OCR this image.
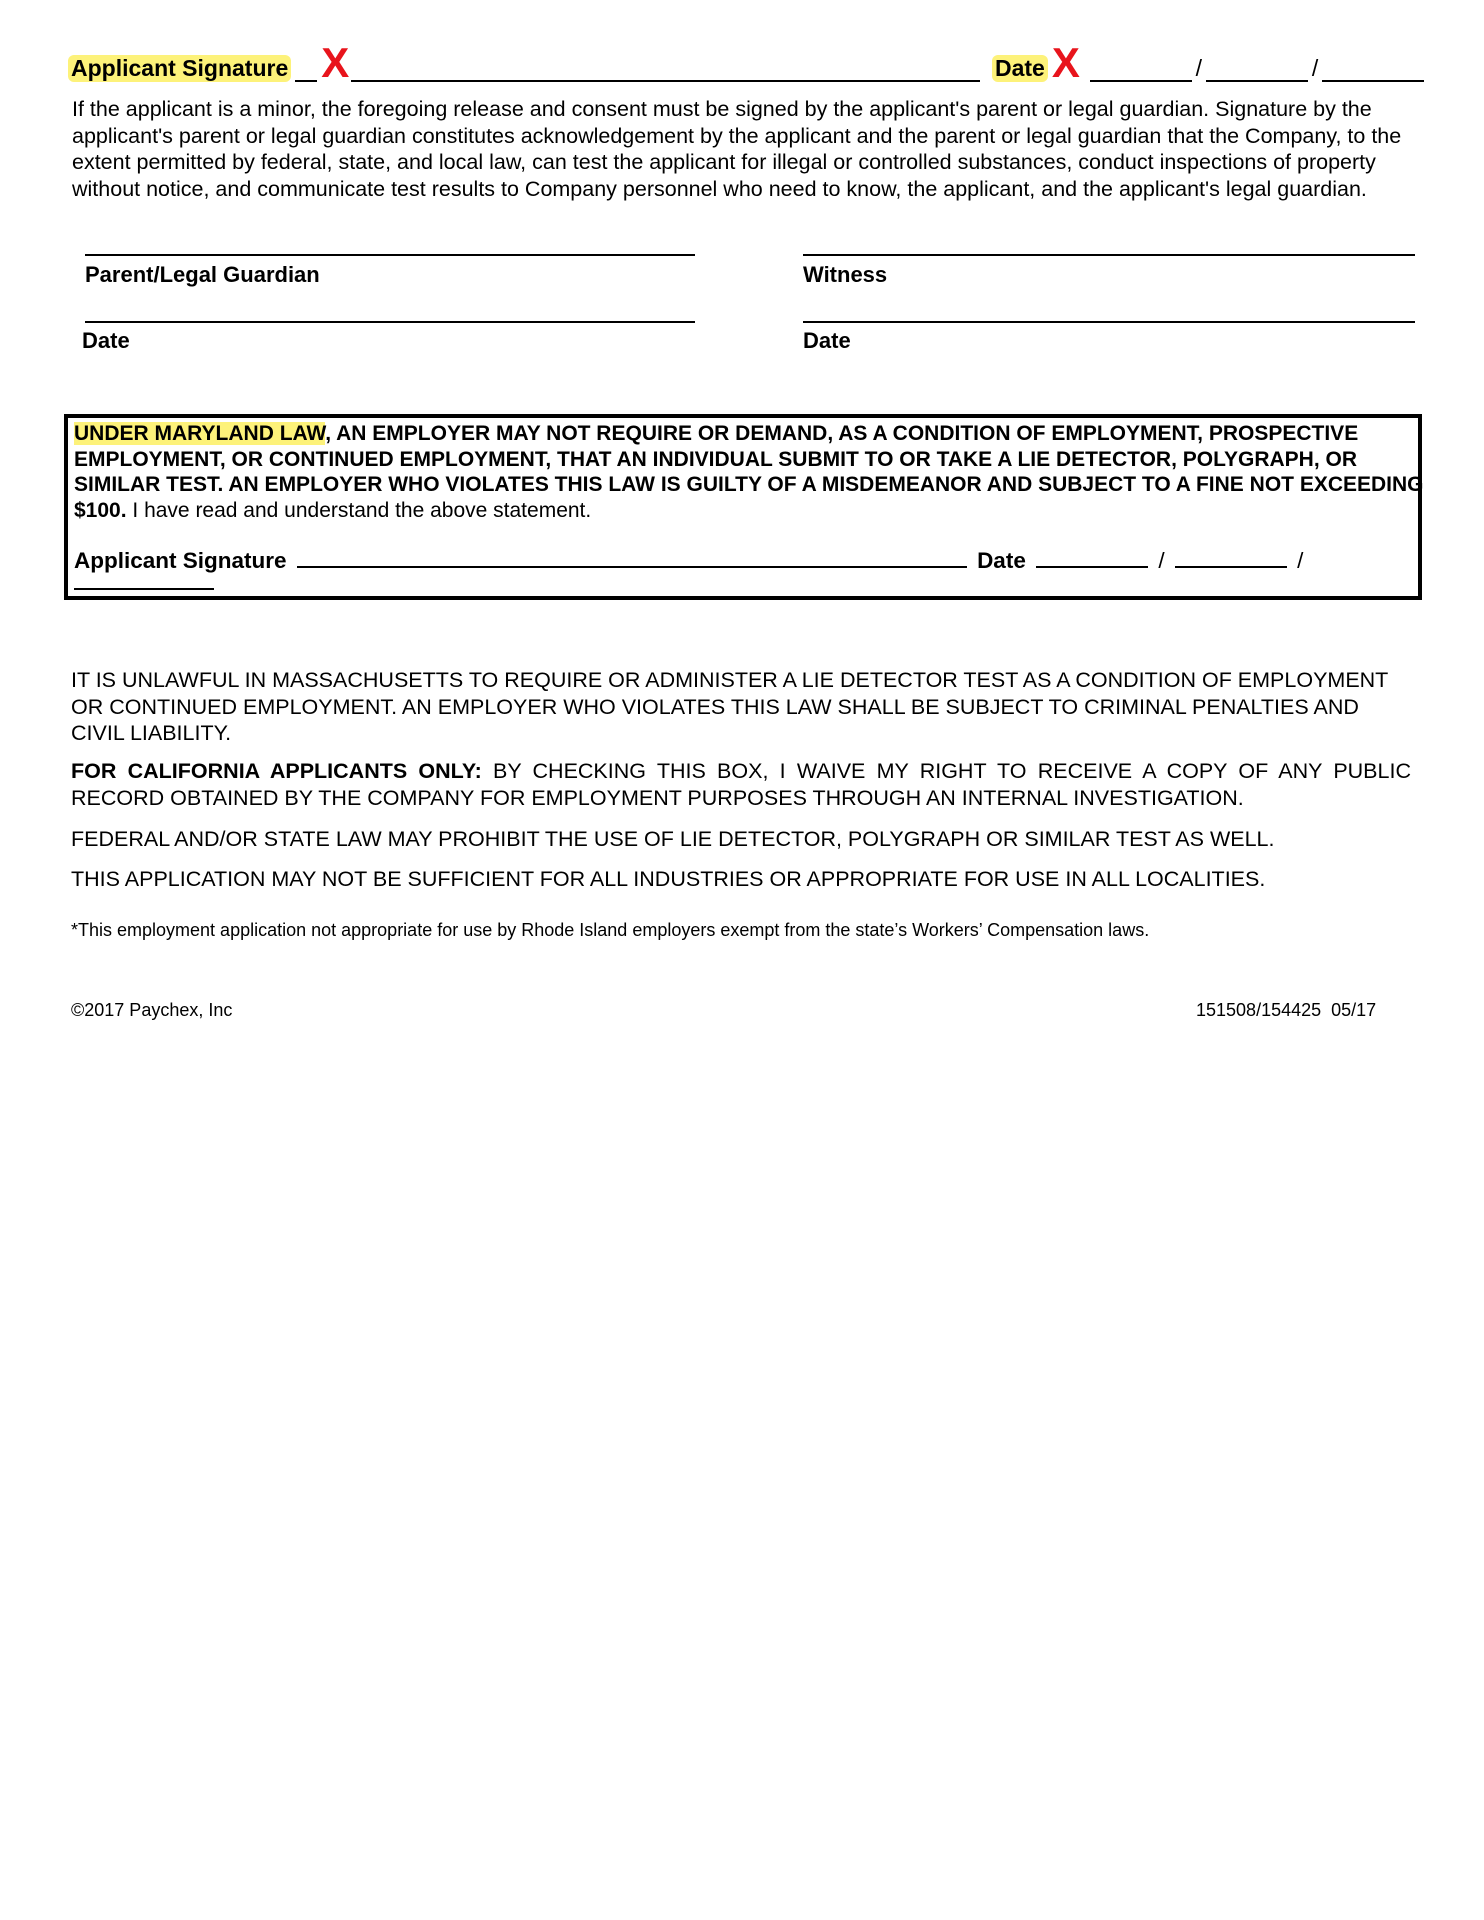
Applicant Signature X	Date X	/	/
If the applicant is a minor, the foregoing release and consent must be signed by the applicant's parent or legal guardian. Signature by the applicant's parent or legal guardian constitutes acknowledgement by the applicant and the parent or legal guardian that the Company, to the extent permitted by federal, state, and local law, can test the applicant for illegal or controlled substances, conduct inspections of property without notice, and communicate test results to Company personnel who need to know, the applicant, and the applicant's legal guardian.
Parent/Legal Guardian	Witness
Date	Date
UNDER MARYLAND LAW, AN EMPLOYER MAY NOT REQUIRE OR DEMAND, AS A CONDITION OF EMPLOYMENT, PROSPECTIVE EMPLOYMENT, OR CONTINUED EMPLOYMENT, THAT AN INDIVIDUAL SUBMIT TO OR TAKE A LIE DETECTOR, POLYGRAPH, OR SIMILAR TEST. AN EMPLOYER WHO VIOLATES THIS LAW IS GUILTY OF A MISDEMEANOR AND SUBJECT TO A FINE NOT EXCEEDING $100. I have read and understand the above statement.
Applicant Signature	Date	/	/
IT IS UNLAWFUL IN MASSACHUSETTS TO REQUIRE OR ADMINISTER A LIE DETECTOR TEST AS A CONDITION OF EMPLOYMENT OR CONTINUED EMPLOYMENT. AN EMPLOYER WHO VIOLATES THIS LAW SHALL BE SUBJECT TO CRIMINAL PENALTIES AND CIVIL LIABILITY.
FOR CALIFORNIA APPLICANTS ONLY: BY CHECKING THIS BOX, I WAIVE MY RIGHT TO RECEIVE A COPY OF ANY PUBLIC RECORD OBTAINED BY THE COMPANY FOR EMPLOYMENT PURPOSES THROUGH AN INTERNAL INVESTIGATION.
FEDERAL AND/OR STATE LAW MAY PROHIBIT THE USE OF LIE DETECTOR, POLYGRAPH OR SIMILAR TEST AS WELL.
THIS APPLICATION MAY NOT BE SUFFICIENT FOR ALL INDUSTRIES OR APPROPRIATE FOR USE IN ALL LOCALITIES.
*This employment application not appropriate for use by Rhode Island employers exempt from the state’s Workers’ Compensation laws.
©2017 Paychex, Inc	151508/154425  05/17
